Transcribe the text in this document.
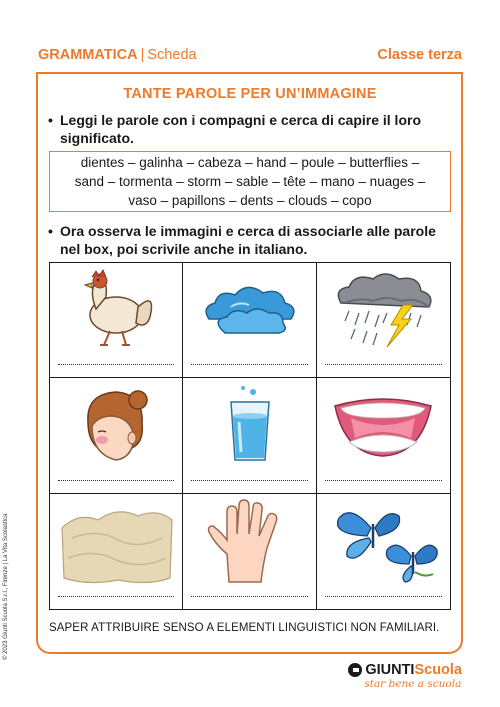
GRAMMATICA | Scheda	Classe terza
TANTE PAROLE PER UN’IMMAGINE
• Leggi le parole con i compagni e cerca di capire il loro significato.
dientes – galinha – cabeza – hand – poule – butterflies –
sand – tormenta – storm – sable – tête – mano – nuages –
vaso – papillons – dents – clouds – copo
• Ora osserva le immagini e cerca di associarle alle parole nel box, poi scrivile anche in italiano.
SAPER ATTRIBUIRE SENSO A ELEMENTI LINGUISTICI NON FAMILIARI.
© 2023 Giunti Scuola S.r.l., Firenze | La Vita Scolastica
GIUNTI Scuola
star bene a scuola
